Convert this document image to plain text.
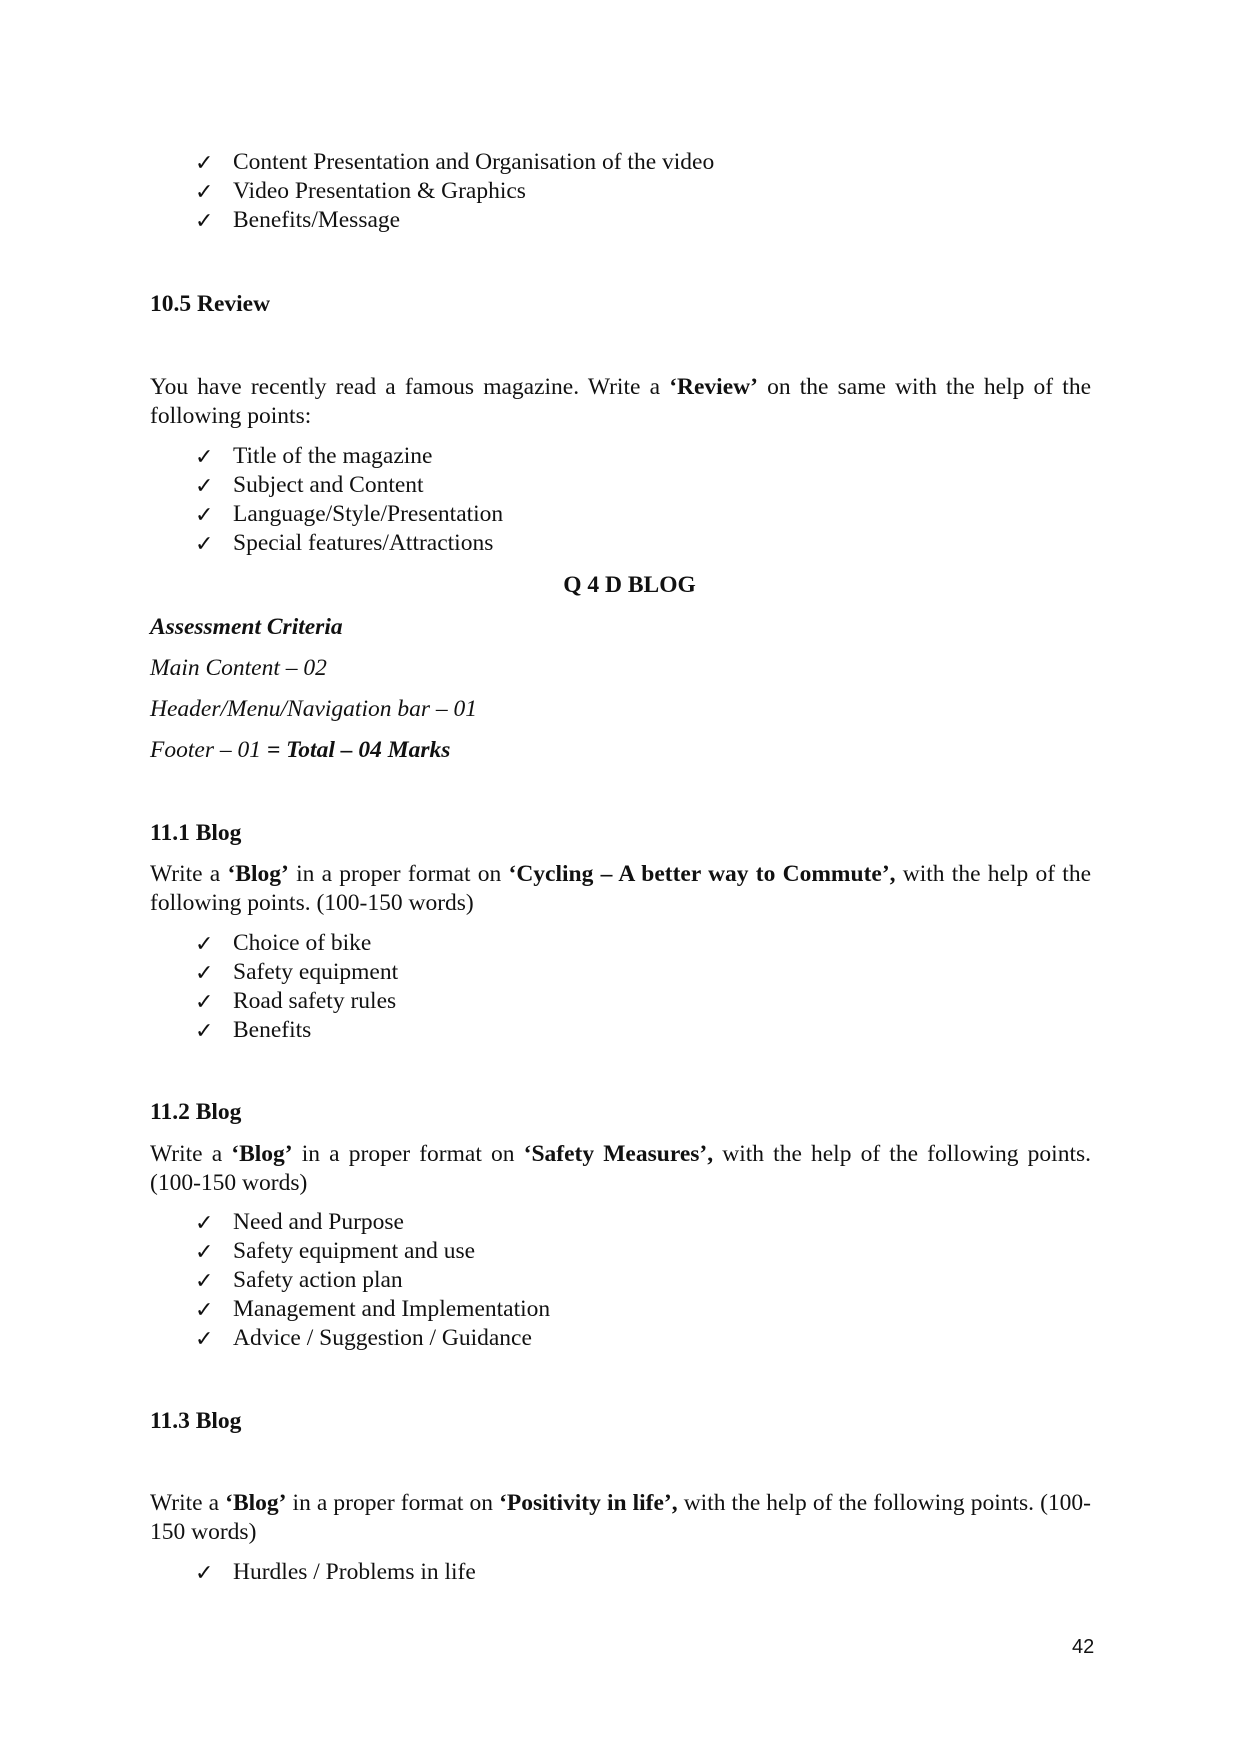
✓ Content Presentation and Organisation of the video
✓ Video Presentation & Graphics
✓ Benefits/Message
10.5 Review
You have recently read a famous magazine. Write a ‘Review’ on the same with the help of the following points:
✓ Title of the magazine
✓ Subject and Content
✓ Language/Style/Presentation
✓ Special features/Attractions
Q 4 D BLOG
Assessment Criteria
Main Content – 02
Header/Menu/Navigation bar – 01
Footer – 01 = Total – 04 Marks
11.1 Blog
Write a ‘Blog’ in a proper format on ‘Cycling – A better way to Commute’, with the help of the following points. (100-150 words)
✓ Choice of bike
✓ Safety equipment
✓ Road safety rules
✓ Benefits
11.2 Blog
Write a ‘Blog’ in a proper format on ‘Safety Measures’, with the help of the following points.   (100-150 words)
✓ Need and Purpose
✓ Safety equipment and use
✓ Safety action plan
✓ Management and Implementation
✓ Advice / Suggestion / Guidance
11.3 Blog
Write a ‘Blog’ in a proper format on ‘Positivity in life’, with the help of the following points. (100-150 words)
✓ Hurdles / Problems in life
42
